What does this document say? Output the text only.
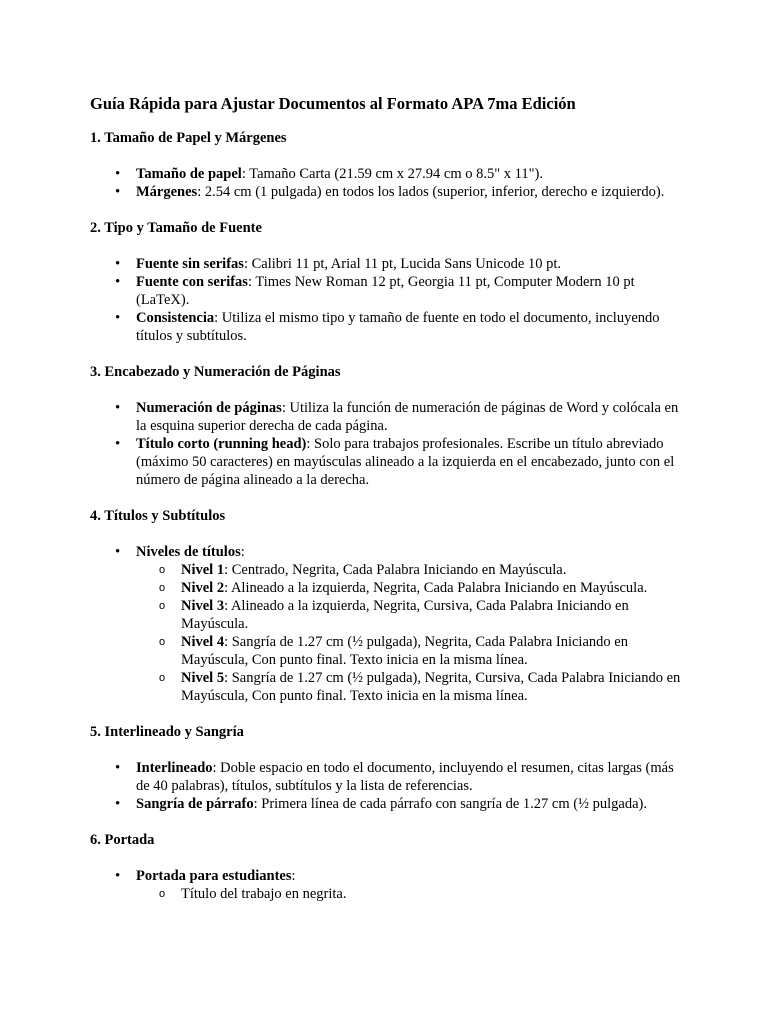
Guía Rápida para Ajustar Documentos al Formato APA 7ma Edición
1. Tamaño de Papel y Márgenes
• Tamaño de papel: Tamaño Carta (21.59 cm x 27.94 cm o 8.5" x 11").
• Márgenes: 2.54 cm (1 pulgada) en todos los lados (superior, inferior, derecho e izquierdo).
2. Tipo y Tamaño de Fuente
• Fuente sin serifas: Calibri 11 pt, Arial 11 pt, Lucida Sans Unicode 10 pt.
• Fuente con serifas: Times New Roman 12 pt, Georgia 11 pt, Computer Modern 10 pt (LaTeX).
• Consistencia: Utiliza el mismo tipo y tamaño de fuente en todo el documento, incluyendo títulos y subtítulos.
3. Encabezado y Numeración de Páginas
• Numeración de páginas: Utiliza la función de numeración de páginas de Word y colócala en la esquina superior derecha de cada página.
• Título corto (running head): Solo para trabajos profesionales. Escribe un título abreviado (máximo 50 caracteres) en mayúsculas alineado a la izquierda en el encabezado, junto con el número de página alineado a la derecha.
4. Títulos y Subtítulos
• Niveles de títulos:
o Nivel 1: Centrado, Negrita, Cada Palabra Iniciando en Mayúscula.
o Nivel 2: Alineado a la izquierda, Negrita, Cada Palabra Iniciando en Mayúscula.
o Nivel 3: Alineado a la izquierda, Negrita, Cursiva, Cada Palabra Iniciando en Mayúscula.
o Nivel 4: Sangría de 1.27 cm (½ pulgada), Negrita, Cada Palabra Iniciando en Mayúscula, Con punto final. Texto inicia en la misma línea.
o Nivel 5: Sangría de 1.27 cm (½ pulgada), Negrita, Cursiva, Cada Palabra Iniciando en Mayúscula, Con punto final. Texto inicia en la misma línea.
5. Interlineado y Sangría
• Interlineado: Doble espacio en todo el documento, incluyendo el resumen, citas largas (más de 40 palabras), títulos, subtítulos y la lista de referencias.
• Sangría de párrafo: Primera línea de cada párrafo con sangría de 1.27 cm (½ pulgada).
6. Portada
• Portada para estudiantes:
o Título del trabajo en negrita.
